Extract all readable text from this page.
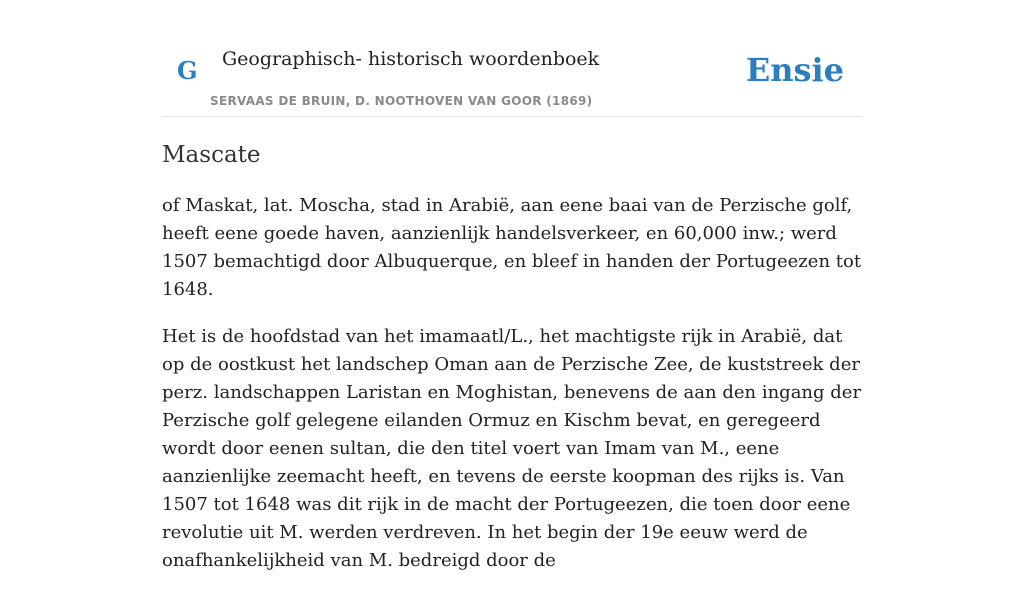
G Geographisch- historisch woordenboek
SERVAAS DE BRUIN, D. NOOTHOVEN VAN GOOR (1869)
Ensie
Mascate

of Maskat, lat. Moscha, stad in Arabië, aan eene baai van de Perzische golf, heeft eene goede haven, aanzienlijk handelsverkeer, en 60,000 inw.; werd 1507 bemachtigd door Albuquerque, en bleef in handen der Portugeezen tot 1648.

Het is de hoofdstad van het imamaatl/L., het machtigste rijk in Arabië, dat op de oostkust het landschep Oman aan de Perzische Zee, de kuststreek der perz. landschappen Laristan en Moghistan, benevens de aan den ingang der Perzische golf gelegene eilanden Ormuz en Kischm bevat, en geregeerd wordt door eenen sultan, die den titel voert van Imam van M., eene aanzienlijke zeemacht heeft, en tevens de eerste koopman des rijks is. Van 1507 tot 1648 was dit rijk in de macht der Portugeezen, die toen door eene revolutie uit M. werden verdreven. In het begin der 19e eeuw werd de onafhankelijkheid van M. bedreigd door de
